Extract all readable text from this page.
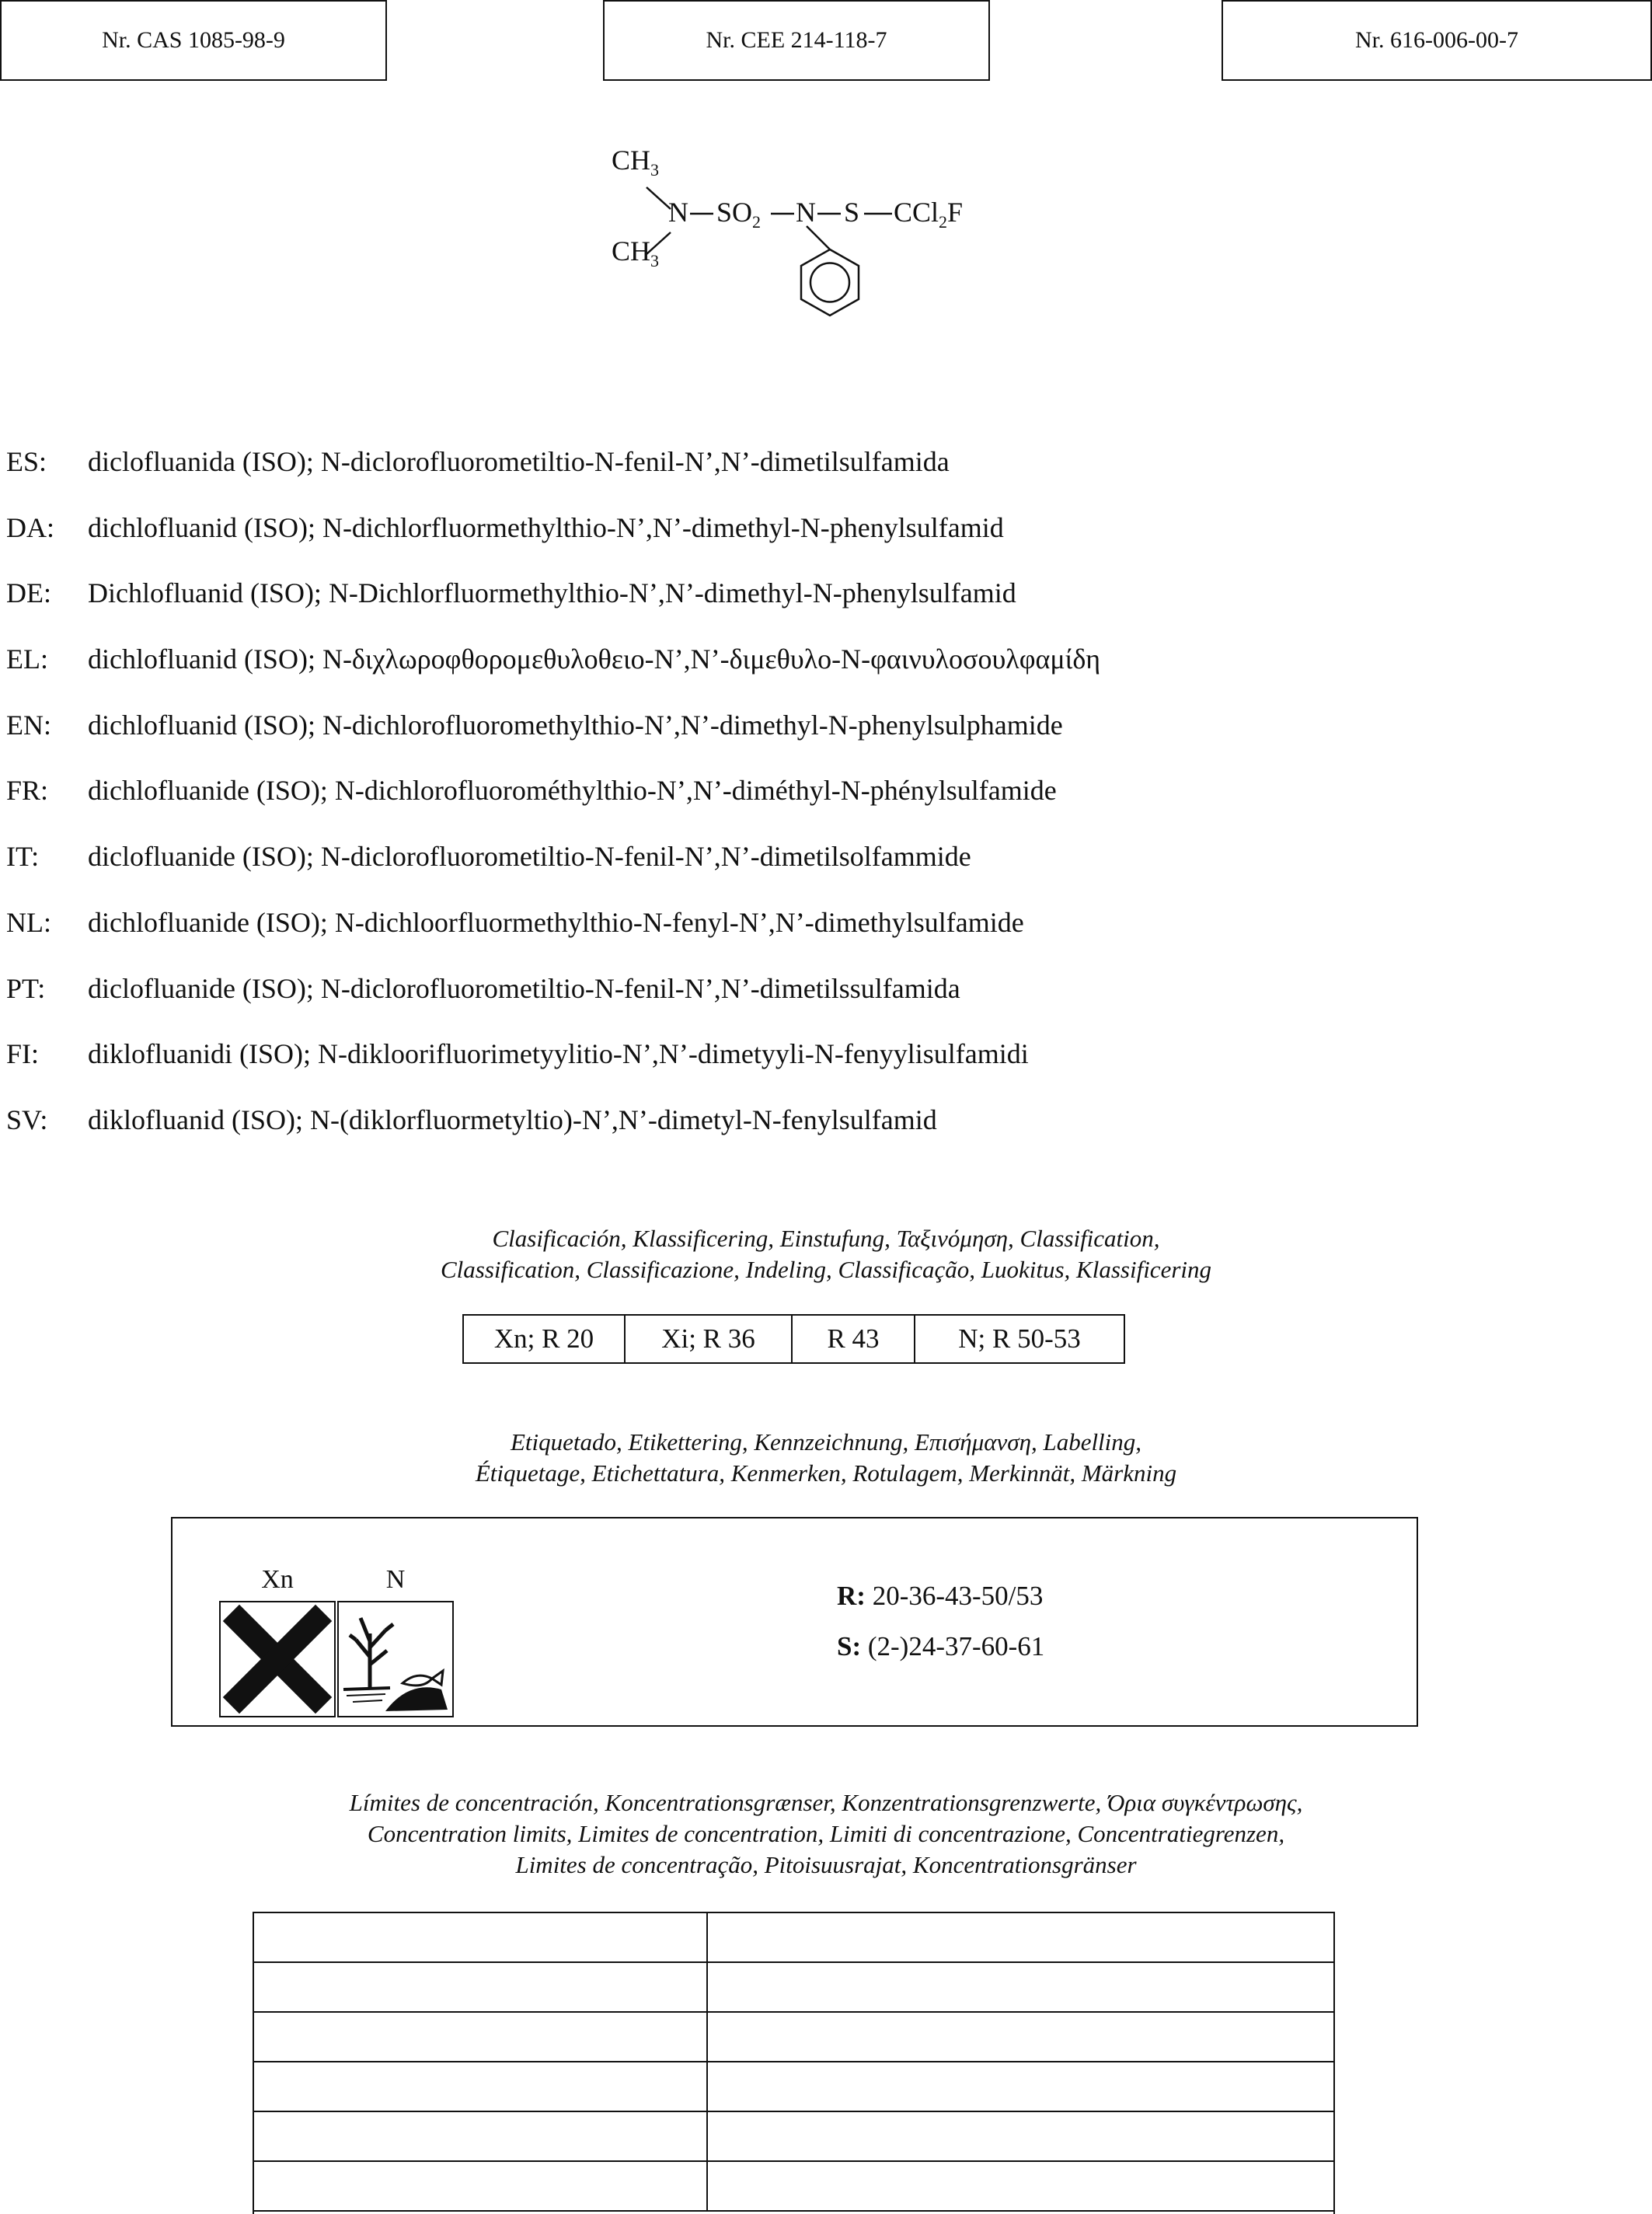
Nr. CAS 1085-98-9	Nr. CEE 214-118-7	Nr. 616-006-00-7
$CH_3$
N
$CH_3$
$SO_2$ N S CCl$_2$F
ES: diclofluanida (ISO); N-diclorofluorometiltio-N-fenil-N’,N’-dimetilsulfamida
DA: dichlofluanid (ISO); N-dichlorfluormethylthio-N’,N’-dimethyl-N-phenylsulfamid
DE: Dichlofluanid (ISO); N-Dichlorfluormethylthio-N’,N’-dimethyl-N-phenylsulfamid
EL: dichlofluanid (ISO); N-διχλωροφθορομεθυλοθειο-N’,N’-διμεθυλο-N-φαινυλοσουλφαμίδη
EN: dichlofluanid (ISO); N-dichlorofluoromethylthio-N’,N’-dimethyl-N-phenylsulphamide
FR: dichlofluanide (ISO); N-dichlorofluorométhylthio-N’,N’-diméthyl-N-phénylsulfamide
IT: diclofluanide (ISO); N-diclorofluorometiltio-N-fenil-N’,N’-dimetilsolfammide
NL: dichlofluanide (ISO); N-dichloorfluormethylthio-N-fenyl-N’,N’-dimethylsulfamide
PT: diclofluanide (ISO); N-diclorofluorometiltio-N-fenil-N’,N’-dimetilssulfamida
FI: diklofluanidi (ISO); N-dikloorifluorimetyylitio-N’,N’-dimetyyli-N-fenyylisulfamidi
SV: diklofluanid (ISO); N-(diklorfluormetyltio)-N’,N’-dimetyl-N-fenylsulfamid
Clasificación, Klassificering, Einstufung, Ταξινόμηση, Classification,
Classification, Classificazione, Indeling, Classificação, Luokitus, Klassificering
Xn; R 20	Xi; R 36	R 43	N; R 50-53
Etiquetado, Etikettering, Kennzeichnung, Επισήμανση, Labelling,
Étiquetage, Etichettatura, Kenmerken, Rotulagem, Merkinnät, Märkning
Xn	N
R: 20-36-43-50/53
S: (2-)24-37-60-61
Límites de concentración, Koncentrationsgrænser, Konzentrationsgrenzwerte, Όρια συγκέντρωσης,
Concentration limits, Limites de concentration, Limiti di concentrazione, Concentratiegrenzen,
Limites de concentração, Pitoisuusrajat, Koncentrationsgränser
